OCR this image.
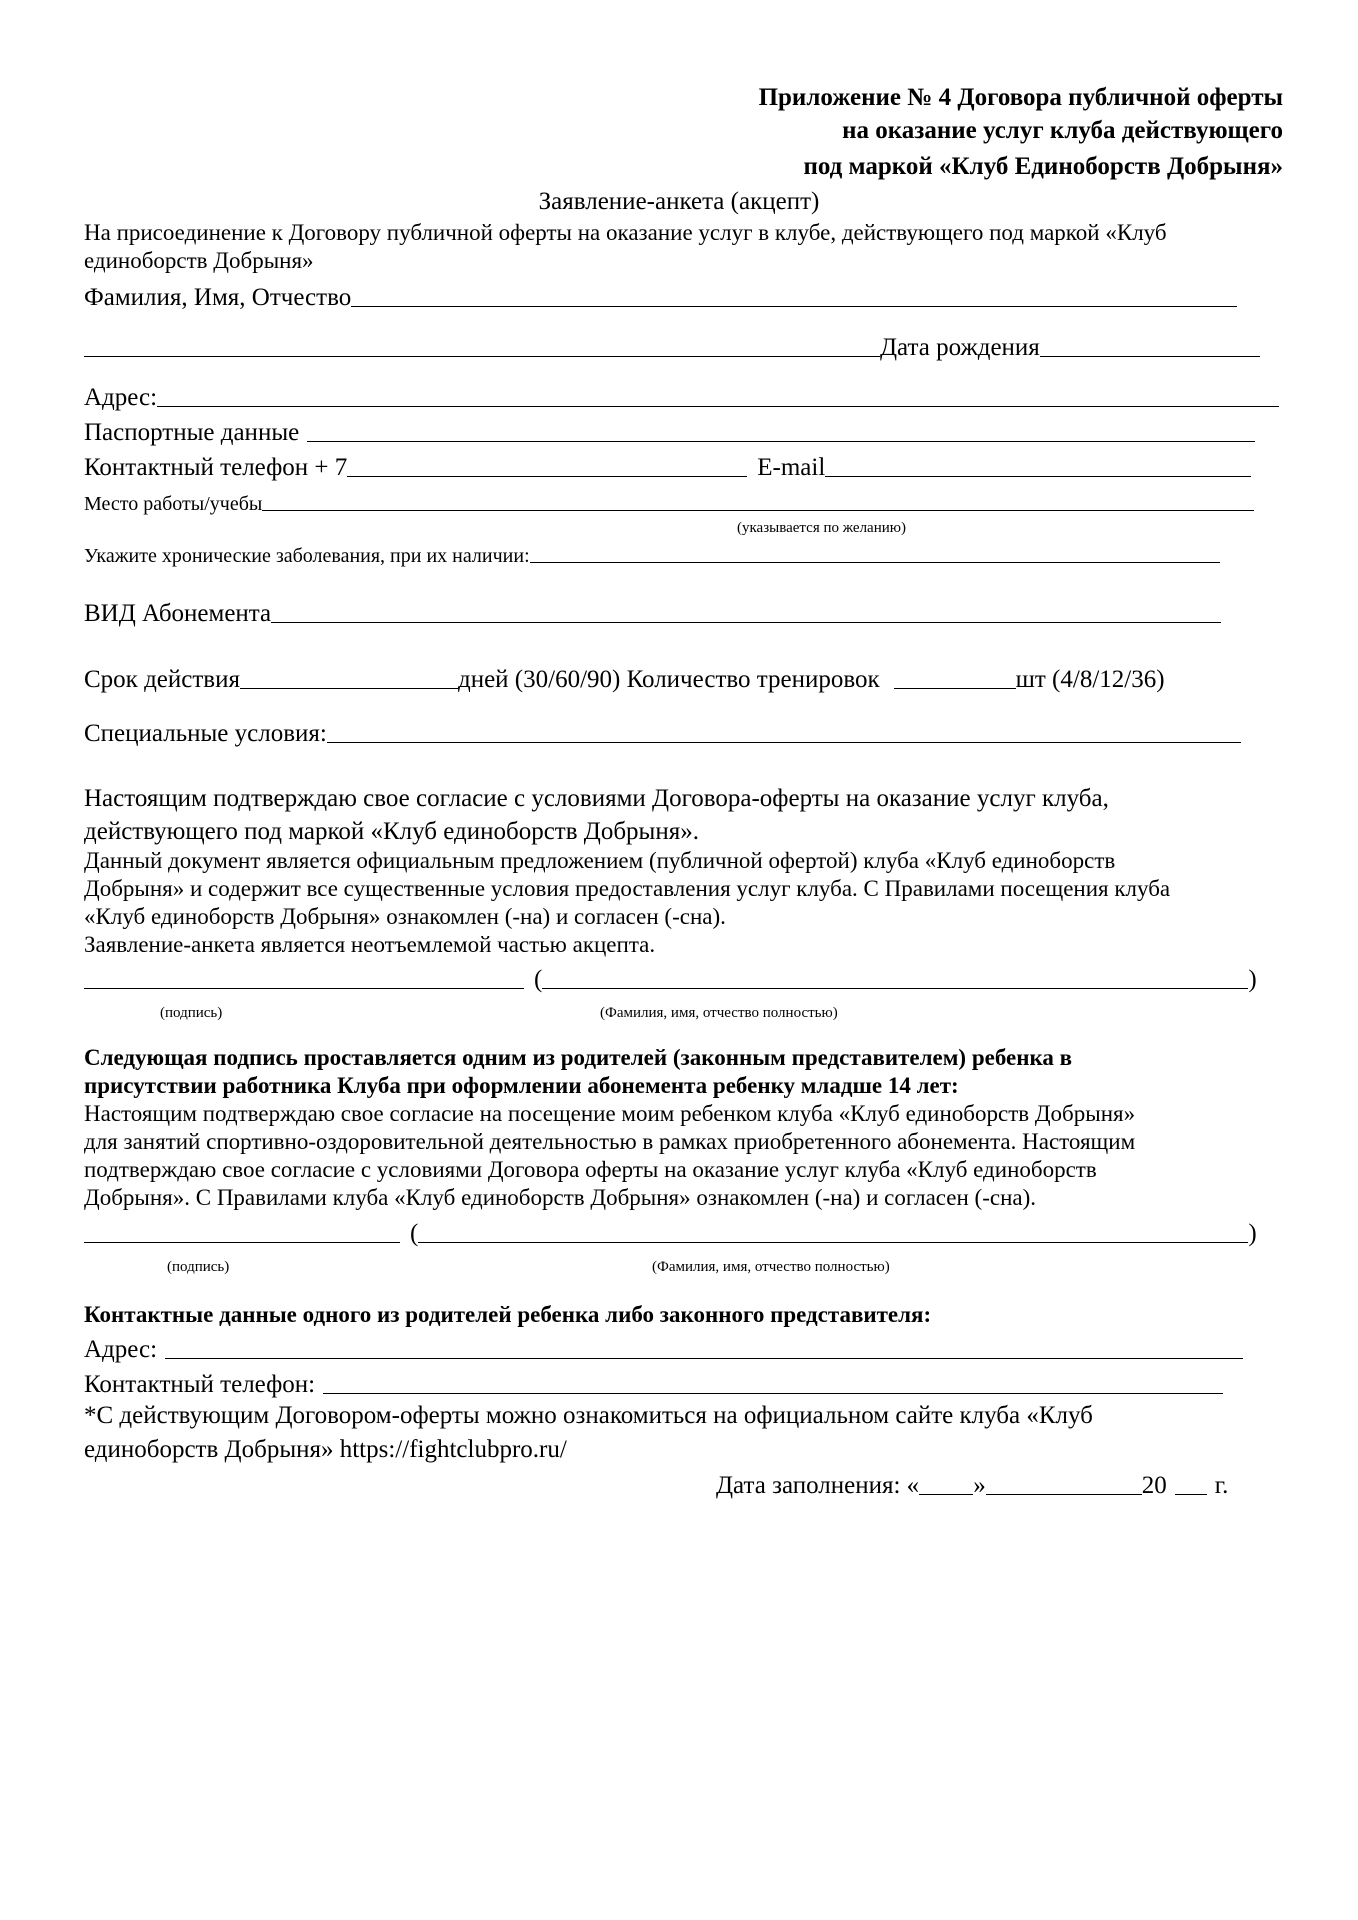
Приложение № 4 Договора публичной оферты
на оказание услуг клуба действующего
под маркой «Клуб Единоборств Добрыня»
Заявление-анкета (акцепт)
На присоединение к Договору публичной оферты на оказание услуг в клубе, действующего под маркой «Клуб
единоборств Добрыня»
Фамилия, Имя, Отчество
Дата рождения
Адрес:
Паспортные данные
Контактный телефон + 7	E-mail
Место работы/учебы
(указывается по желанию)
Укажите хронические заболевания, при их наличии:
ВИД Абонемента
Срок действия	дней (30/60/90) Количество тренировок	шт (4/8/12/36)
Специальные условия:
Настоящим подтверждаю свое согласие с условиями Договора-оферты на оказание услуг клуба,
действующего под маркой «Клуб единоборств Добрыня».
Данный документ является официальным предложением (публичной офертой) клуба «Клуб единоборств
Добрыня» и содержит все существенные условия предоставления услуг клуба. С Правилами посещения клуба
«Клуб единоборств Добрыня» ознакомлен (-на) и согласен (-сна).
Заявление-анкета является неотъемлемой частью акцепта.
(	)
(подпись)	(Фамилия, имя, отчество полностью)
Следующая подпись проставляется одним из родителей (законным представителем) ребенка в
присутствии работника Клуба при оформлении абонемента ребенку младше 14 лет:
Настоящим подтверждаю свое согласие на посещение моим ребенком клуба «Клуб единоборств Добрыня»
для занятий спортивно-оздоровительной деятельностью в рамках приобретенного абонемента. Настоящим
подтверждаю свое согласие с условиями Договора оферты на оказание услуг клуба «Клуб единоборств
Добрыня». С Правилами клуба «Клуб единоборств Добрыня» ознакомлен (-на) и согласен (-сна).
(	)
(подпись)	(Фамилия, имя, отчество полностью)
Контактные данные одного из родителей ребенка либо законного представителя:
Адрес:
Контактный телефон:
*С действующим Договором-оферты можно ознакомиться на официальном сайте клуба «Клуб
единоборств Добрыня» https://fightclubpro.ru/
Дата заполнения: « »	20 г.
